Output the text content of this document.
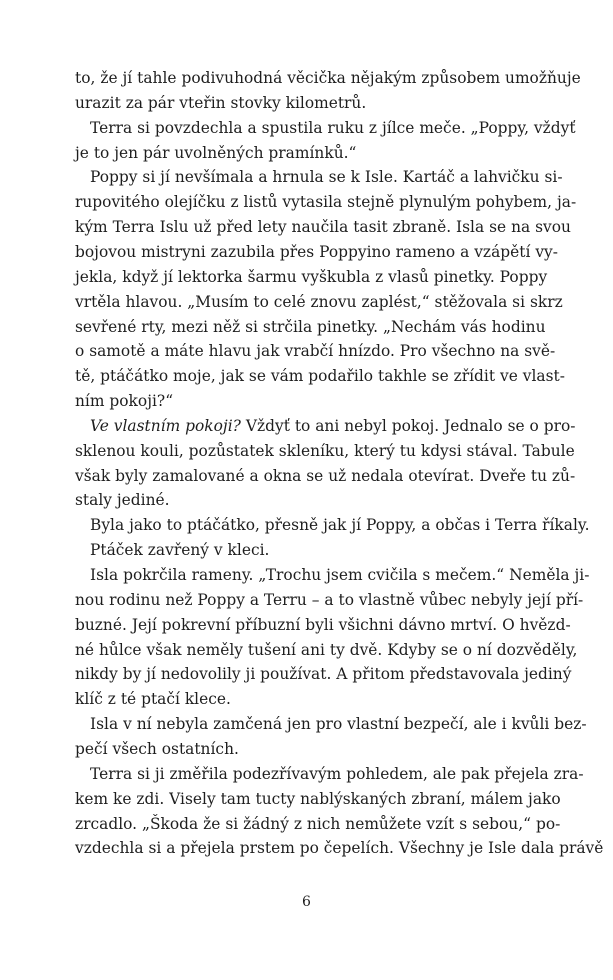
to, že jí tahle podivuhodná věcička nějakým způsobem umožňuje
urazit za pár vteřin stovky kilometrů.
Terra si povzdechla a spustila ruku z jílce meče. „Poppy, vždyť
je to jen pár uvolněných pramínků.“
Poppy si jí nevšímala a hrnula se k Isle. Kartáč a lahvičku si-
rupovitého olejíčku z listů vytasila stejně plynulým pohybem, ja-
kým Terra Islu už před lety naučila tasit zbraně. Isla se na svou
bojovou mistryni zazubila přes Poppyino rameno a vzápětí vy-
jekla, když jí lektorka šarmu vyškubla z vlasů pinetky. Poppy
vrtěla hlavou. „Musím to celé znovu zaplést,“ stěžovala si skrz
sevřené rty, mezi něž si strčila pinetky. „Nechám vás hodinu
o samotě a máte hlavu jak vrabčí hnízdo. Pro všechno na svě-
tě, ptáčátko moje, jak se vám podařilo takhle se zřídit ve vlast-
ním pokoji?“
Ve vlastním pokoji? Vždyť to ani nebyl pokoj. Jednalo se o pro-
sklenou kouli, pozůstatek skleníku, který tu kdysi stával. Tabule
však byly zamalované a okna se už nedala otevírat. Dveře tu zů-
staly jediné.
Byla jako to ptáčátko, přesně jak jí Poppy, a občas i Terra říkaly.
Ptáček zavřený v kleci.
Isla pokrčila rameny. „Trochu jsem cvičila s mečem.“ Neměla ji-
nou rodinu než Poppy a Terru – a to vlastně vůbec nebyly její pří-
buzné. Její pokrevní příbuzní byli všichni dávno mrtví. O hvězd-
né hůlce však neměly tušení ani ty dvě. Kdyby se o ní dozvěděly,
nikdy by jí nedovolily ji používat. A přitom představovala jediný
klíč z té ptačí klece.
Isla v ní nebyla zamčená jen pro vlastní bezpečí, ale i kvůli bez-
pečí všech ostatních.
Terra si ji změřila podezřívavým pohledem, ale pak přejela zra-
kem ke zdi. Visely tam tucty nablýskaných zbraní, málem jako
zrcadlo. „Škoda že si žádný z nich nemůžete vzít s sebou,“ po-
vzdechla si a přejela prstem po čepelích. Všechny je Isle dala právě
6
